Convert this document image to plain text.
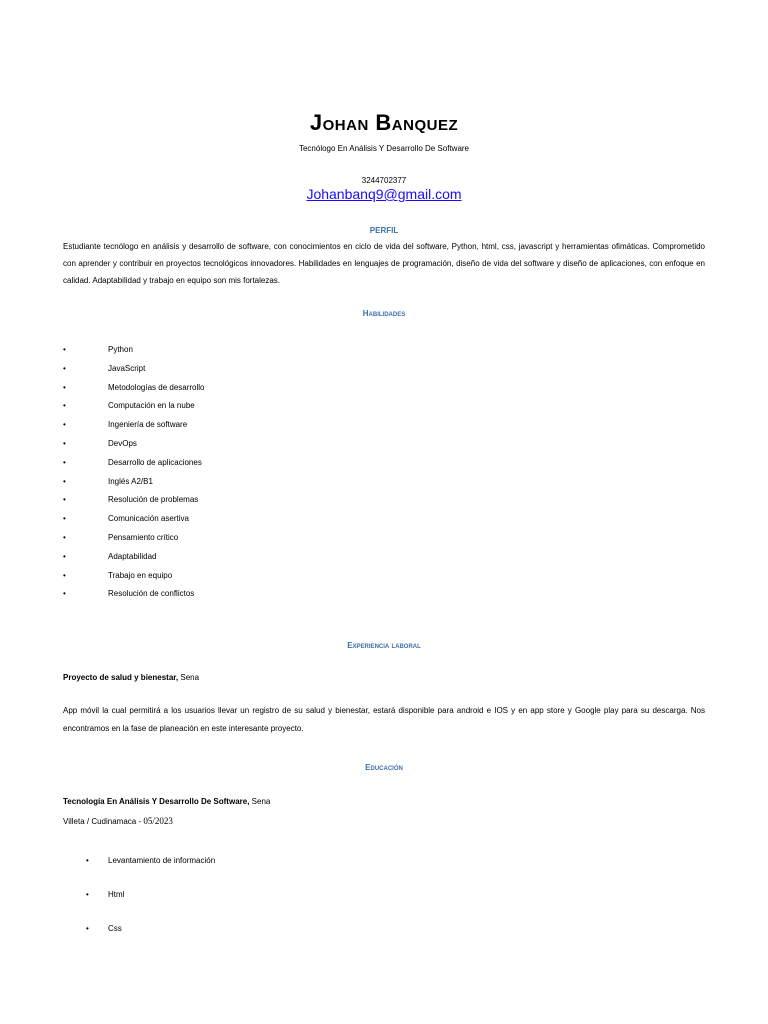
Johan Banquez
Tecnólogo En Análisis Y Desarrollo De Software
3244702377
Johanbanq9@gmail.com
PERFIL
Estudiante tecnólogo en análisis y desarrollo de software, con conocimientos en ciclo de vida del software, Python, html, css, javascript y herramientas ofimáticas. Comprometido con aprender y contribuir en proyectos tecnológicos innovadores. Habilidades en lenguajes de programación, diseño de vida del software y diseño de aplicaciones, con enfoque en calidad. Adaptabilidad y trabajo en equipo son mis fortalezas.
Habilidades
•	Python
•	JavaScript
•	Metodologías de desarrollo
•	Computación en la nube
•	Ingeniería de software
•	DevOps
•	Desarrollo de aplicaciones
•	Inglés A2/B1
•	Resolución de problemas
•	Comunicación asertiva
•	Pensamiento crítico
•	Adaptabilidad
•	Trabajo en equipo
•	Resolución de conflictos
Experiencia laboral
Proyecto de salud y bienestar, Sena
App móvil la cual permitirá a los usuarios llevar un registro de su salud y bienestar, estará disponible para android e IOS y en app store y Google play para su descarga. Nos encontramos en la fase de planeación en este interesante proyecto.
Educación
Tecnología En Análisis Y Desarrollo De Software, Sena
Villeta / Cudinamaca - 05/2023
• Levantamiento de información
• Html
• Css
